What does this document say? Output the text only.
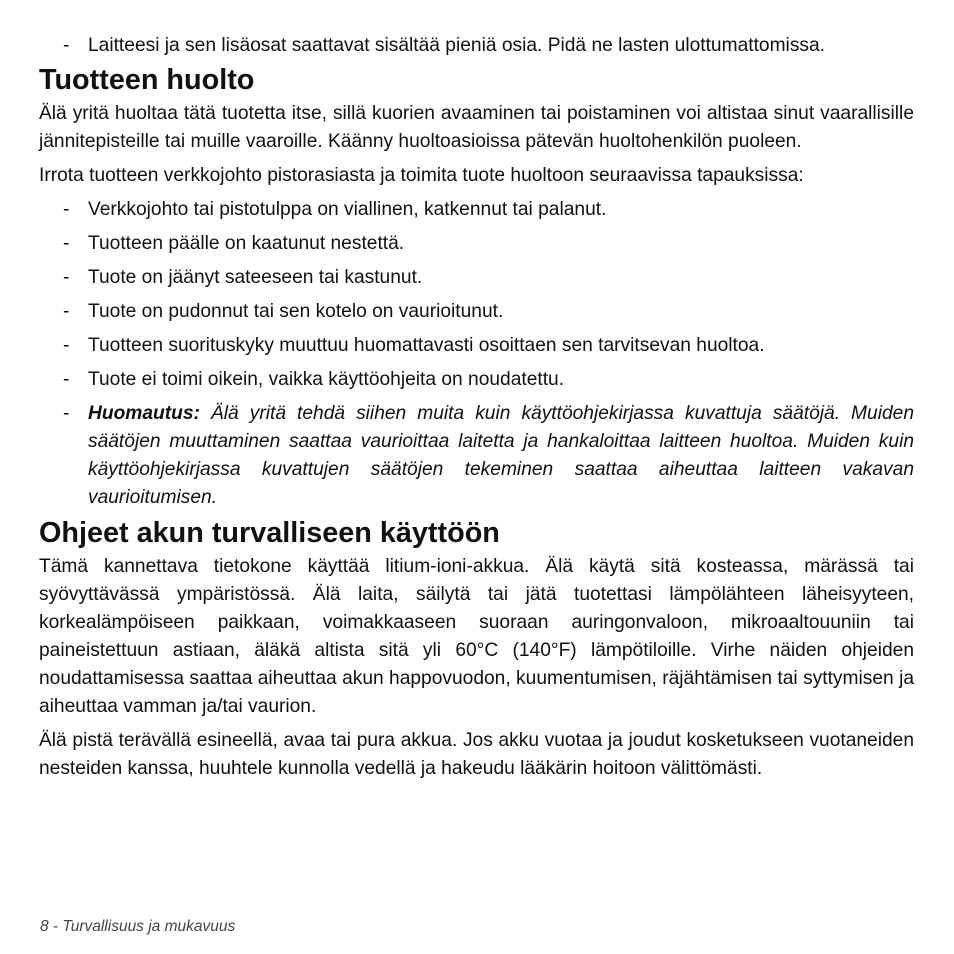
- Laitteesi ja sen lisäosat saattavat sisältää pieniä osia. Pidä ne lasten ulottumattomissa.
Tuotteen huolto

Älä yritä huoltaa tätä tuotetta itse, sillä kuorien avaaminen tai poistaminen voi altistaa sinut vaarallisille jännitepisteille tai muille vaaroille. Käänny huoltoasioissa pätevän huoltohenkilön puoleen.

Irrota tuotteen verkkojohto pistorasiasta ja toimita tuote huoltoon seuraavissa tapauksissa:

- Verkkojohto tai pistotulppa on viallinen, katkennut tai palanut.
- Tuotteen päälle on kaatunut nestettä.
- Tuote on jäänyt sateeseen tai kastunut.
- Tuote on pudonnut tai sen kotelo on vaurioitunut.
- Tuotteen suorituskyky muuttuu huomattavasti osoittaen sen tarvitsevan huoltoa.
- Tuote ei toimi oikein, vaikka käyttöohjeita on noudatettu.
- Huomautus: Älä yritä tehdä siihen muita kuin käyttöohjekirjassa kuvattuja säätöjä. Muiden säätöjen muuttaminen saattaa vaurioittaa laitetta ja hankaloittaa laitteen huoltoa. Muiden kuin käyttöohjekirjassa kuvattujen säätöjen tekeminen saattaa aiheuttaa laitteen vakavan vaurioitumisen.
Ohjeet akun turvalliseen käyttöön

Tämä kannettava tietokone käyttää litium-ioni-akkua. Älä käytä sitä kosteassa, märässä tai syövyttävässä ympäristössä. Älä laita, säilytä tai jätä tuotettasi lämpölähteen läheisyyteen, korkealämpöiseen paikkaan, voimakkaaseen suoraan auringonvaloon, mikroaaltouuniin tai paineistettuun astiaan, äläkä altista sitä yli 60°C (140°F) lämpötiloille. Virhe näiden ohjeiden noudattamisessa saattaa aiheuttaa akun happovuodon, kuumentumisen, räjähtämisen tai syttymisen ja aiheuttaa vamman ja/tai vaurion.

Älä pistä terävällä esineellä, avaa tai pura akkua. Jos akku vuotaa ja joudut kosketukseen vuotaneiden nesteiden kanssa, huuhtele kunnolla vedellä ja hakeudu lääkärin hoitoon välittömästi.

8 - Turvallisuus ja mukavuus
